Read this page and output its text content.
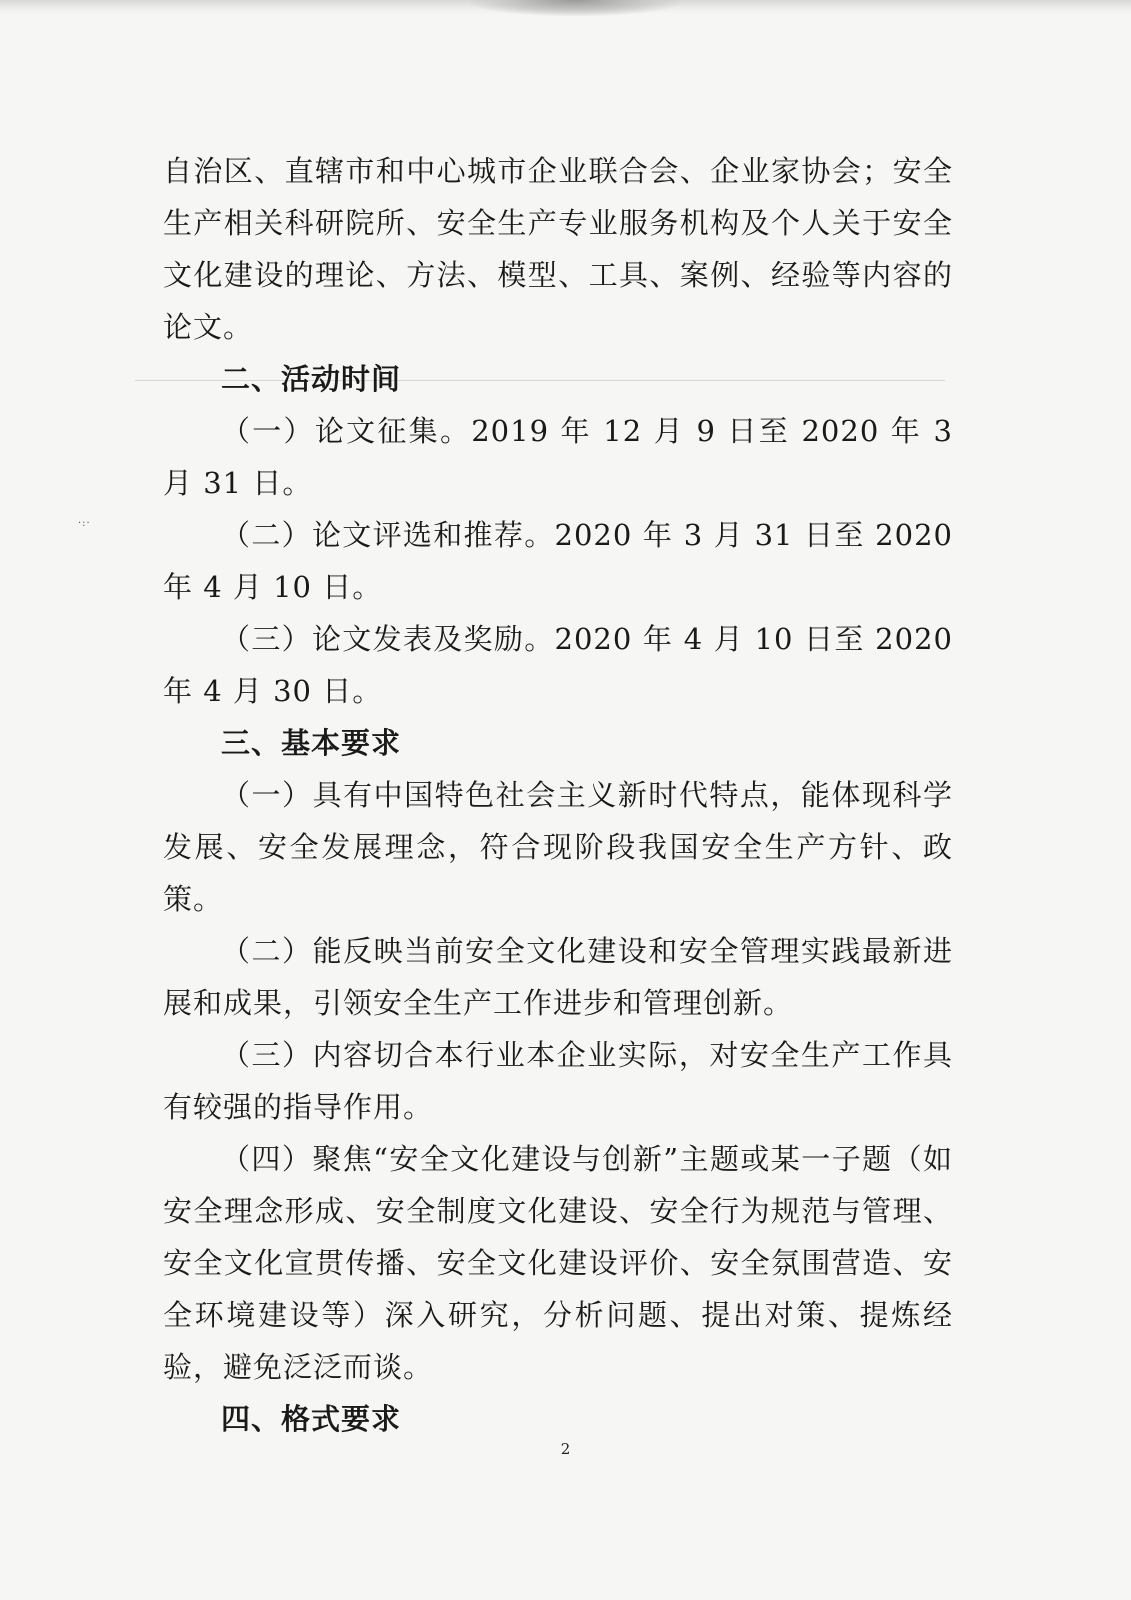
·:·

自治区、直辖市和中心城市企业联合会、企业家协会；安全生产相关科研院所、安全生产专业服务机构及个人关于安全文化建设的理论、方法、模型、工具、案例、经验等内容的论文。

二、活动时间

（一）论文征集。2019 年 12 月 9 日至 2020 年 3 月 31 日。

（二）论文评选和推荐。2020 年 3 月 31 日至 2020 年 4 月 10 日。

（三）论文发表及奖励。2020 年 4 月 10 日至 2020 年 4 月 30 日。

三、基本要求

（一）具有中国特色社会主义新时代特点，能体现科学发展、安全发展理念，符合现阶段我国安全生产方针、政策。

（二）能反映当前安全文化建设和安全管理实践最新进展和成果，引领安全生产工作进步和管理创新。

（三）内容切合本行业本企业实际，对安全生产工作具有较强的指导作用。

（四）聚焦“安全文化建设与创新”主题或某一子题（如安全理念形成、安全制度文化建设、安全行为规范与管理、安全文化宣贯传播、安全文化建设评价、安全氛围营造、安全环境建设等）深入研究，分析问题、提出对策、提炼经验，避免泛泛而谈。

四、格式要求

2
